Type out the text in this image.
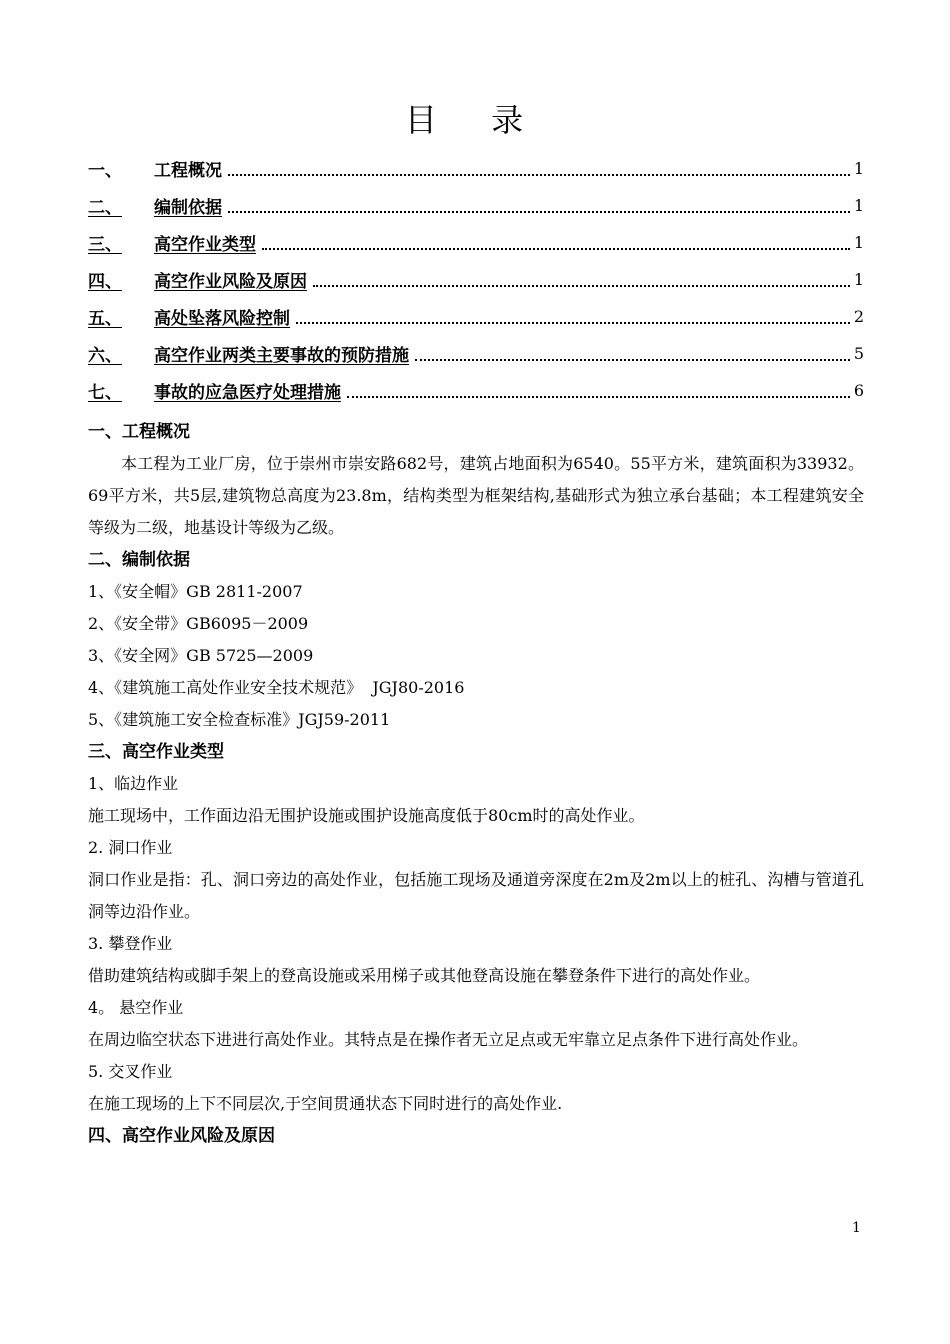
目 录
一、	工程概况	1
二、	编制依据	1
三、	高空作业类型	1
四、	高空作业风险及原因	1
五、	高处坠落风险控制	2
六、	高空作业两类主要事故的预防措施	5
七、	事故的应急医疗处理措施	6
一、工程概况
本工程为工业厂房，位于崇州市崇安路682号，建筑占地面积为6540。55平方米，建筑面积为33932。69平方米，共5层,建筑物总高度为23.8m，结构类型为框架结构,基础形式为独立承台基础；本工程建筑安全等级为二级，地基设计等级为乙级。
二、编制依据
1、《安全帽》GB 2811-2007
2、《安全带》GB6095－2009
3、《安全网》GB 5725—2009
4、《建筑施工高处作业安全技术规范》  JGJ80-2016
5、《建筑施工安全检查标准》JGJ59-2011
三、高空作业类型
1、临边作业
施工现场中，工作面边沿无围护设施或围护设施高度低于80cm时的高处作业。
2. 洞口作业
洞口作业是指：孔、洞口旁边的高处作业，包括施工现场及通道旁深度在2m及2m以上的桩孔、沟槽与管道孔洞等边沿作业。
3. 攀登作业
借助建筑结构或脚手架上的登高设施或采用梯子或其他登高设施在攀登条件下进行的高处作业。
4。 悬空作业
在周边临空状态下进进行高处作业。其特点是在操作者无立足点或无牢靠立足点条件下进行高处作业。
5. 交叉作业
在施工现场的上下不同层次,于空间贯通状态下同时进行的高处作业.
四、高空作业风险及原因
1
